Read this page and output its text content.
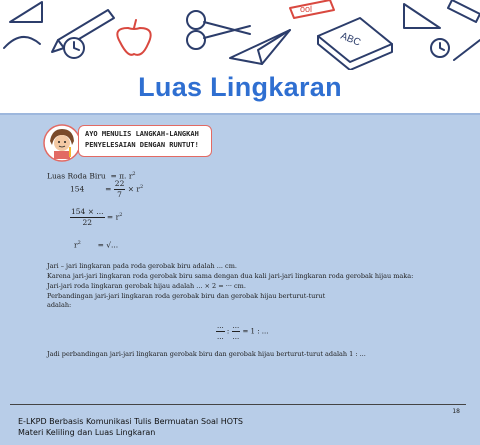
ABC
ool
Luas Lingkaran
AYO MENULIS LANGKAH-LANGKAH
PENYELESAIAN DENGAN RUNTUT!
Luas Roda Biru = π. $r^2$
154	= $\frac{22}{7} \times r^2$
$\frac{154 \times ...}{22} = r^2$
$r^2$ = √...
Jari – jari lingkaran pada roda gerobak biru adalah ... cm.
Karena jari-jari lingkaran roda gerobak biru sama dengan dua kali jari-jari lingkaran roda gerobak hijau maka:
Jari-jari roda lingkaran gerobak hijau adalah ... × 2 = ··· cm.
Perbandingan jari-jari lingkaran roda gerobak biru dan gerobak hijau berturut-turut
adalah:
$\frac{...}{...}$ : $\frac{...}{...} = 1$ : ...
Jadi perbandingan jari-jari lingkaran gerobak biru dan gerobak hijau berturut-turut adalah 1 : ...
18
E-LKPD Berbasis Komunikasi Tulis Bermuatan Soal HOTS
Materi Keliling dan Luas Lingkaran
